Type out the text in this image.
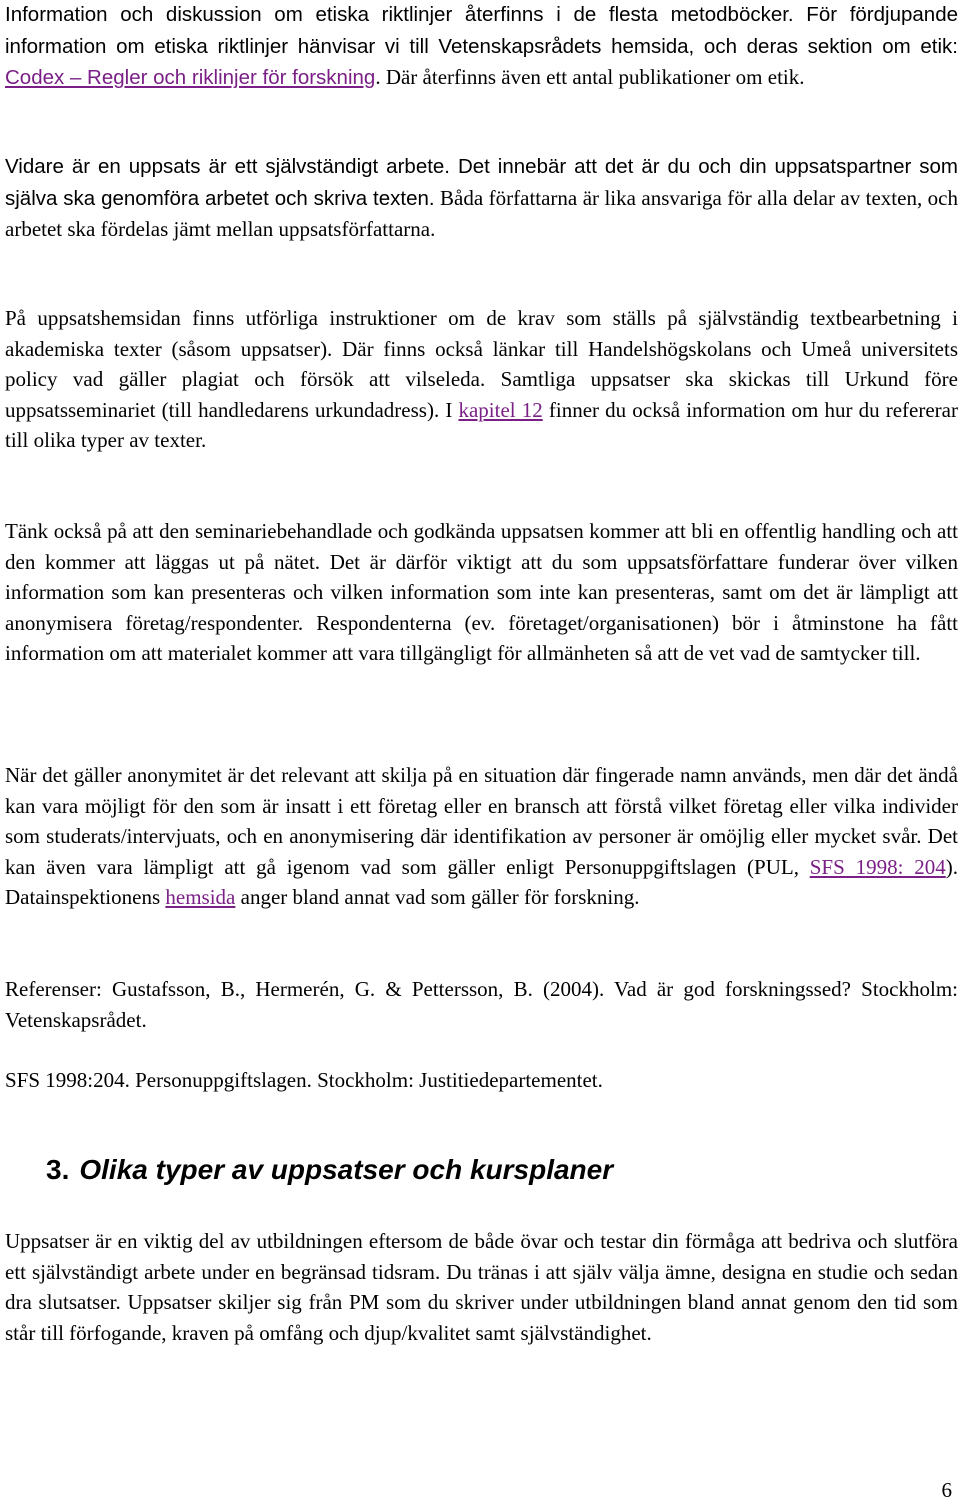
Information och diskussion om etiska riktlinjer återfinns i de flesta metodböcker. För fördjupande information om etiska riktlinjer hänvisar vi till Vetenskapsrådets hemsida, och deras sektion om etik: Codex – Regler och riklinjer för forskning. Där återfinns även ett antal publikationer om etik.

Vidare är en uppsats är ett självständigt arbete. Det innebär att det är du och din uppsatspartner som själva ska genomföra arbetet och skriva texten. Båda författarna är lika ansvariga för alla delar av texten, och arbetet ska fördelas jämt mellan uppsatsförfattarna.

På uppsatshemsidan finns utförliga instruktioner om de krav som ställs på självständig textbearbetning i akademiska texter (såsom uppsatser). Där finns också länkar till Handelshögskolans och Umeå universitets policy vad gäller plagiat och försök att vilseleda. Samtliga uppsatser ska skickas till Urkund före uppsatsseminariet (till handledarens urkundadress). I kapitel 12 finner du också information om hur du refererar till olika typer av texter.

Tänk också på att den seminariebehandlade och godkända uppsatsen kommer att bli en offentlig handling och att den kommer att läggas ut på nätet. Det är därför viktigt att du som uppsatsförfattare funderar över vilken information som kan presenteras och vilken information som inte kan presenteras, samt om det är lämpligt att anonymisera företag/respondenter. Respondenterna (ev. företaget/organisationen) bör i åtminstone ha fått information om att materialet kommer att vara tillgängligt för allmänheten så att de vet vad de samtycker till.

När det gäller anonymitet är det relevant att skilja på en situation där fingerade namn används, men där det ändå kan vara möjligt för den som är insatt i ett företag eller en bransch att förstå vilket företag eller vilka individer som studerats/intervjuats, och en anonymisering där identifikation av personer är omöjlig eller mycket svår. Det kan även vara lämpligt att gå igenom vad som gäller enligt Personuppgiftslagen (PUL, SFS 1998: 204). Datainspektionens hemsida anger bland annat vad som gäller för forskning.

Referenser: Gustafsson, B., Hermerén, G. & Pettersson, B. (2004). Vad är god forskningssed? Stockholm: Vetenskapsrådet.

SFS 1998:204. Personuppgiftslagen. Stockholm: Justitiedepartementet.

3. Olika typer av uppsatser och kursplaner

Uppsatser är en viktig del av utbildningen eftersom de både övar och testar din förmåga att bedriva och slutföra ett självständigt arbete under en begränsad tidsram. Du tränas i att själv välja ämne, designa en studie och sedan dra slutsatser. Uppsatser skiljer sig från PM som du skriver under utbildningen bland annat genom den tid som står till förfogande, kraven på omfång och djup/kvalitet samt självständighet.

6
